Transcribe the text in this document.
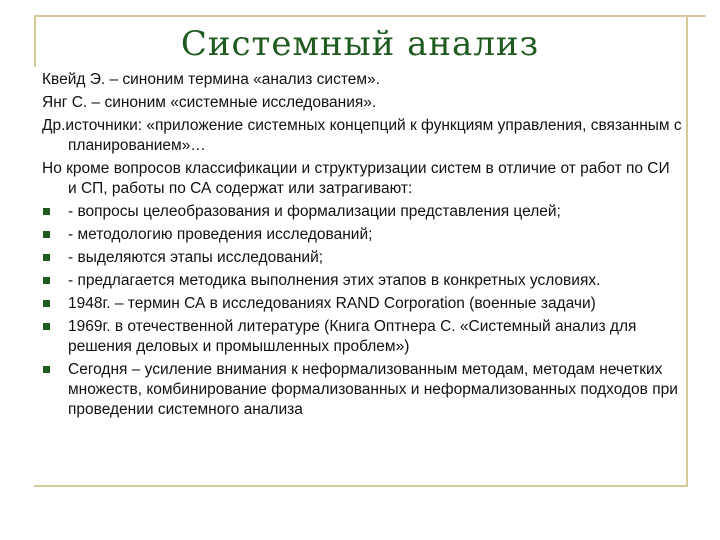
Системный анализ

Квейд Э. – синоним термина «анализ систем».

Янг С. – синоним «системные исследования».

Др.источники: «приложение системных концепций к функциям управления, связанным с планированием»…

Но кроме вопросов классификации и структуризации систем в отличие от работ по СИ и СП, работы по СА содержат или затрагивают:

- вопросы целеобразования и формализации представления целей;
- методологию проведения исследований;
- выделяются этапы исследований;
- предлагается методика выполнения этих этапов в конкретных условиях.
1948г. – термин СА в исследованиях RAND Corporation (военные задачи)
1969г. в отечественной литературе (Книга Оптнера С. «Системный анализ для решения деловых и промышленных проблем»)
Сегодня – усиление внимания к неформализованным методам, методам нечетких множеств, комбинирование формализованных и неформализованных подходов при проведении системного анализа
